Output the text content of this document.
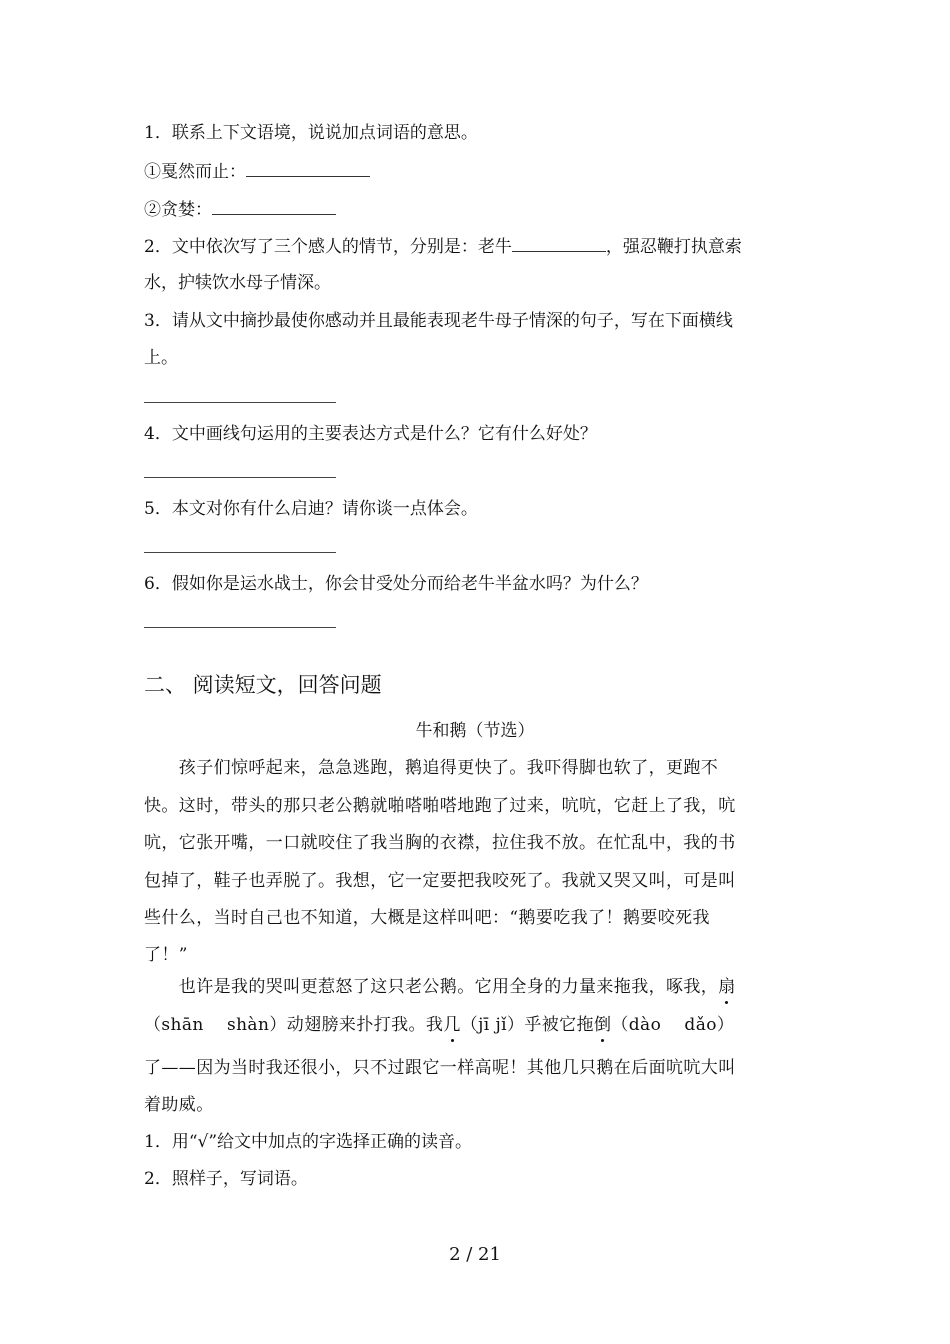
1．联系上下文语境，说说加点词语的意思。
①戛然而止：
②贪婪：
2．文中依次写了三个感人的情节，分别是：老牛	，强忍鞭打执意索
水，护犊饮水母子情深。
3．请从文中摘抄最使你感动并且最能表现老牛母子情深的句子，写在下面横线
上。
4．文中画线句运用的主要表达方式是什么？它有什么好处？
5．本文对你有什么启迪？请你谈一点体会。
6．假如你是运水战士，你会甘受处分而给老牛半盆水吗？为什么？
二、 阅读短文，回答问题
牛和鹅（节选）
　　孩子们惊呼起来，急急逃跑，鹅追得更快了。我吓得脚也软了，更跑不
快。这时，带头的那只老公鹅就啪嗒啪嗒地跑了过来，吭吭，它赶上了我，吭
吭，它张开嘴，一口就咬住了我当胸的衣襟，拉住我不放。在忙乱中，我的书
包掉了，鞋子也弄脱了。我想，它一定要把我咬死了。我就又哭又叫，可是叫
些什么，当时自己也不知道，大概是这样叫吧：“鹅要吃我了！鹅要咬死我
了！”
　　也许是我的哭叫更惹怒了这只老公鹅。它用全身的力量来拖我，啄我，扇
（shān　 shàn）动翅膀来扑打我。我几（jī jǐ）乎被它拖倒（dào　 dǎo）
了——因为当时我还很小，只不过跟它一样高呢！其他几只鹅在后面吭吭大叫
着助威。
1．用“√”给文中加点的字选择正确的读音。
2．照样子，写词语。
2 / 21
